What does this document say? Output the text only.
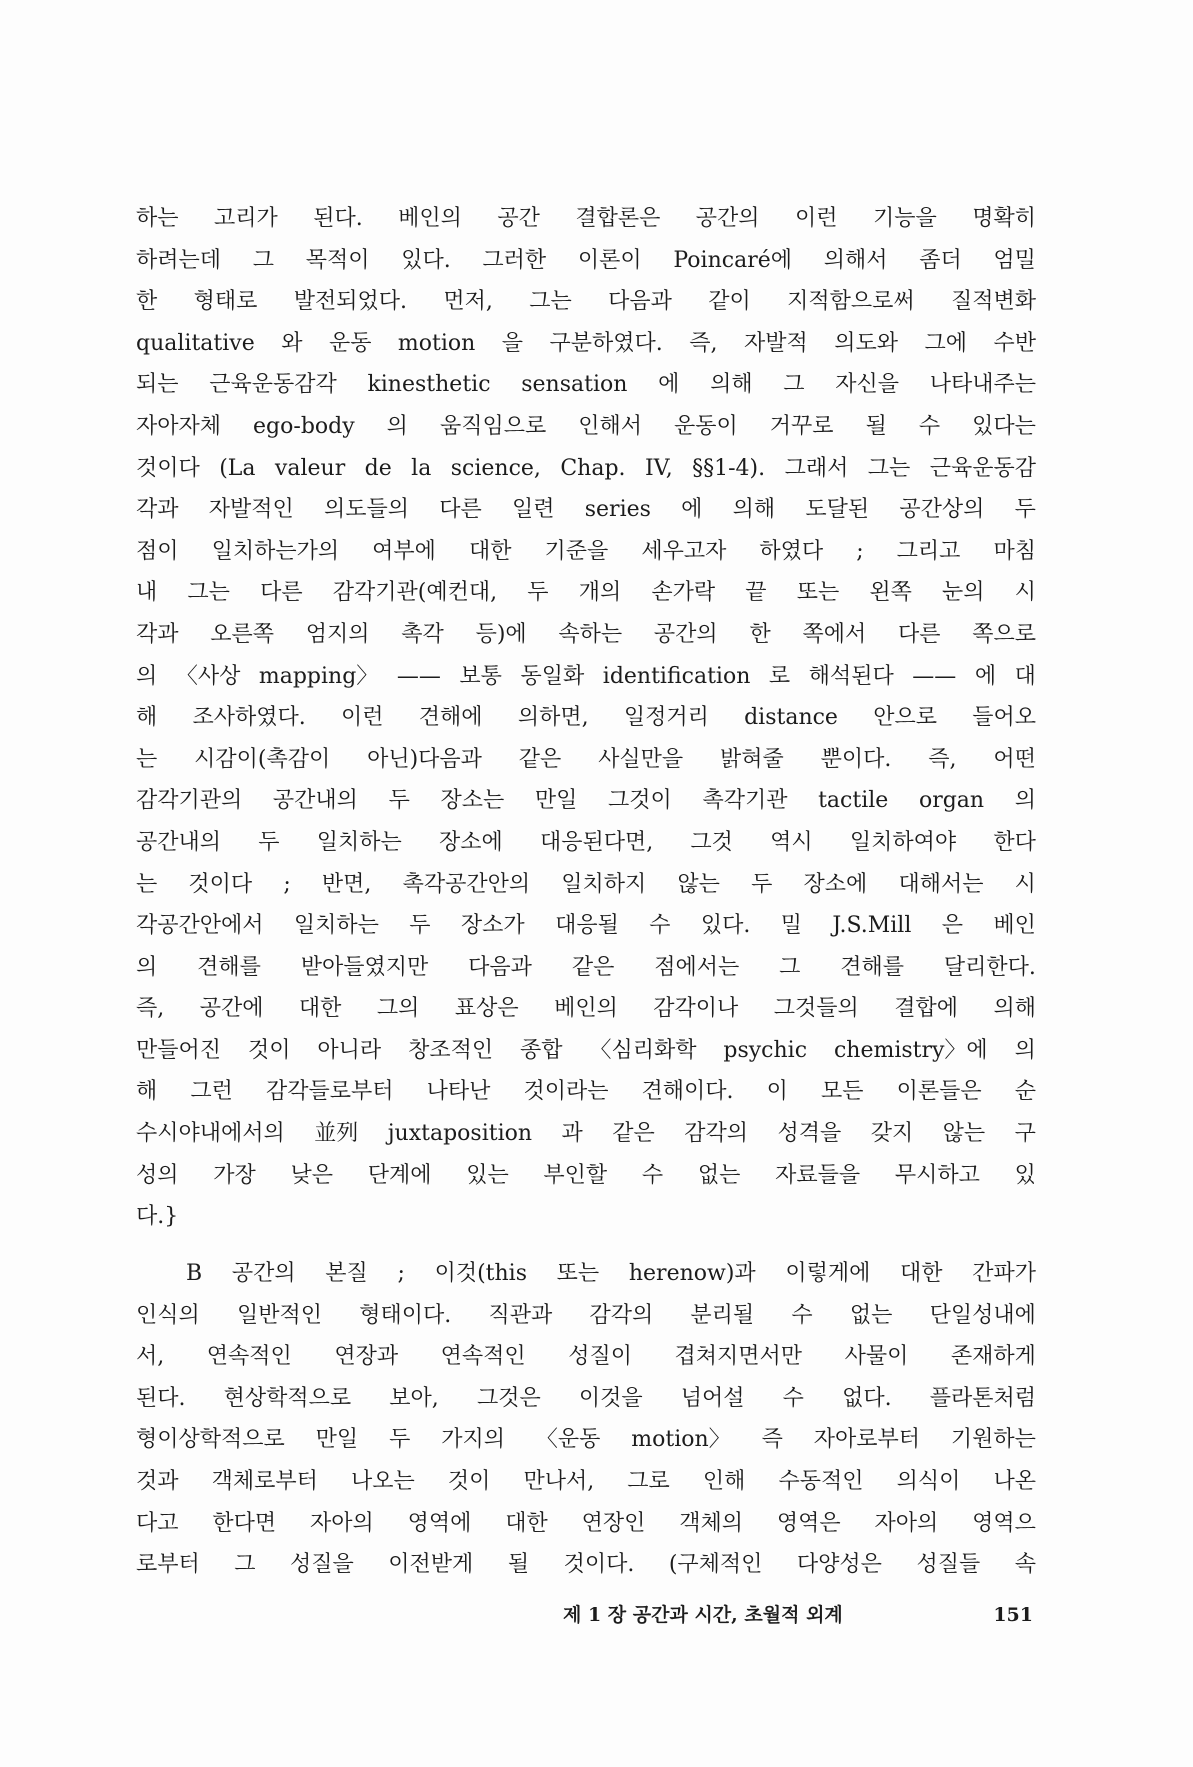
하는 고리가 된다. 베인의 공간 결합론은 공간의 이런 기능을 명확히
하려는데 그 목적이 있다. 그러한 이론이 Poincaré에 의해서 좀더 엄밀
한 형태로 발전되었다. 먼저, 그는 다음과 같이 지적함으로써 질적변화
qualitative 와 운동 motion 을 구분하였다. 즉, 자발적 의도와 그에 수반
되는 근육운동감각 kinesthetic sensation 에 의해 그 자신을 나타내주는
자아자체 ego-body 의 움직임으로 인해서 운동이 거꾸로 될 수 있다는
것이다 (La valeur de la science, Chap. IV, §§1-4). 그래서 그는 근육운동감
각과 자발적인 의도들의 다른 일련 series 에 의해 도달된 공간상의 두
점이 일치하는가의 여부에 대한 기준을 세우고자 하였다 ; 그리고 마침
내 그는 다른 감각기관(예컨대, 두 개의 손가락 끝 또는 왼쪽 눈의 시
각과 오른쪽 엄지의 촉각 등)에 속하는 공간의 한 쪽에서 다른 쪽으로
의 〈사상 mapping〉 —— 보통 동일화 identification 로 해석된다 —— 에 대
해 조사하였다. 이런 견해에 의하면, 일정거리 distance 안으로 들어오
는 시감이(촉감이 아닌)다음과 같은 사실만을 밝혀줄 뿐이다. 즉, 어떤
감각기관의 공간내의 두 장소는 만일 그것이 촉각기관 tactile organ 의
공간내의 두 일치하는 장소에 대응된다면, 그것 역시 일치하여야 한다
는 것이다 ; 반면, 촉각공간안의 일치하지 않는 두 장소에 대해서는 시
각공간안에서 일치하는 두 장소가 대응될 수 있다. 밀 J.S.Mill 은 베인
의 견해를 받아들였지만 다음과 같은 점에서는 그 견해를 달리한다.
즉, 공간에 대한 그의 표상은 베인의 감각이나 그것들의 결합에 의해
만들어진 것이 아니라 창조적인 종합 〈심리화학 psychic chemistry〉에 의
해 그런 감각들로부터 나타난 것이라는 견해이다. 이 모든 이론들은 순
수시야내에서의 並列 juxtaposition 과 같은 감각의 성격을 갖지 않는 구
성의 가장 낮은 단계에 있는 부인할 수 없는 자료들을 무시하고 있
다.}
B 공간의 본질 ; 이것(this 또는 herenow)과 이렇게에 대한 간파가
인식의 일반적인 형태이다. 직관과 감각의 분리될 수 없는 단일성내에
서, 연속적인 연장과 연속적인 성질이 겹쳐지면서만 사물이 존재하게
된다. 현상학적으로 보아, 그것은 이것을 넘어설 수 없다. 플라톤처럼
형이상학적으로 만일 두 가지의 〈운동 motion〉 즉 자아로부터 기원하는
것과 객체로부터 나오는 것이 만나서, 그로 인해 수동적인 의식이 나온
다고 한다면 자아의 영역에 대한 연장인 객체의 영역은 자아의 영역으
로부터 그 성질을 이전받게 될 것이다. (구체적인 다양성은 성질들 속
제 1 장 공간과 시간, 초월적 외계	151
